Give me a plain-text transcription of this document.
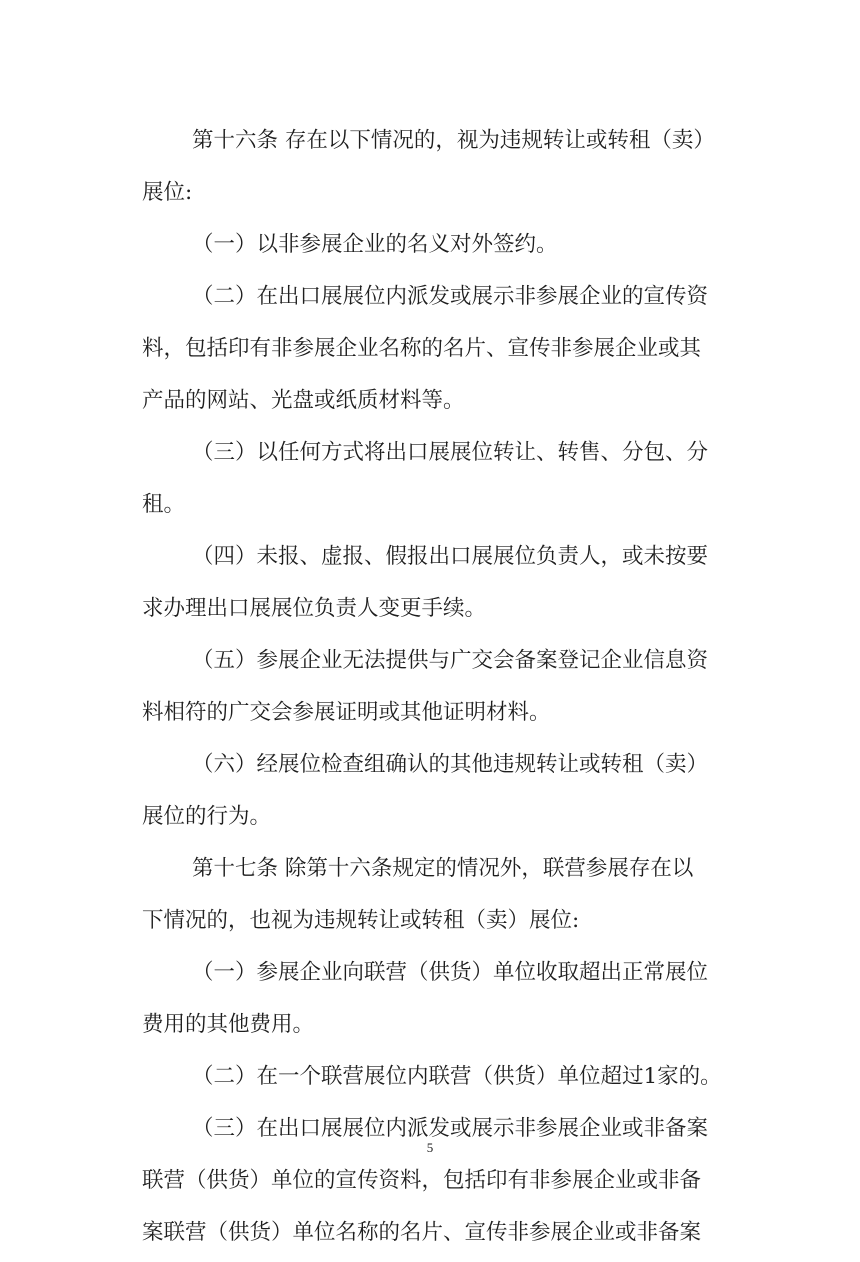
第十六条 存在以下情况的，视为违规转让或转租（卖）
展位:
（一）以非参展企业的名义对外签约。
（二）在出口展展位内派发或展示非参展企业的宣传资
料，包括印有非参展企业名称的名片、宣传非参展企业或其
产品的网站、光盘或纸质材料等。
（三）以任何方式将出口展展位转让、转售、分包、分
租。
（四）未报、虚报、假报出口展展位负责人，或未按要
求办理出口展展位负责人变更手续。
（五）参展企业无法提供与广交会备案登记企业信息资
料相符的广交会参展证明或其他证明材料。
（六）经展位检查组确认的其他违规转让或转租（卖）
展位的行为。
第十七条 除第十六条规定的情况外，联营参展存在以
下情况的，也视为违规转让或转租（卖）展位:
（一）参展企业向联营（供货）单位收取超出正常展位
费用的其他费用。
（二）在一个联营展位内联营（供货）单位超过1家的。
（三）在出口展展位内派发或展示非参展企业或非备案
联营（供货）单位的宣传资料，包括印有非参展企业或非备
案联营（供货）单位名称的名片、宣传非参展企业或非备案
5
